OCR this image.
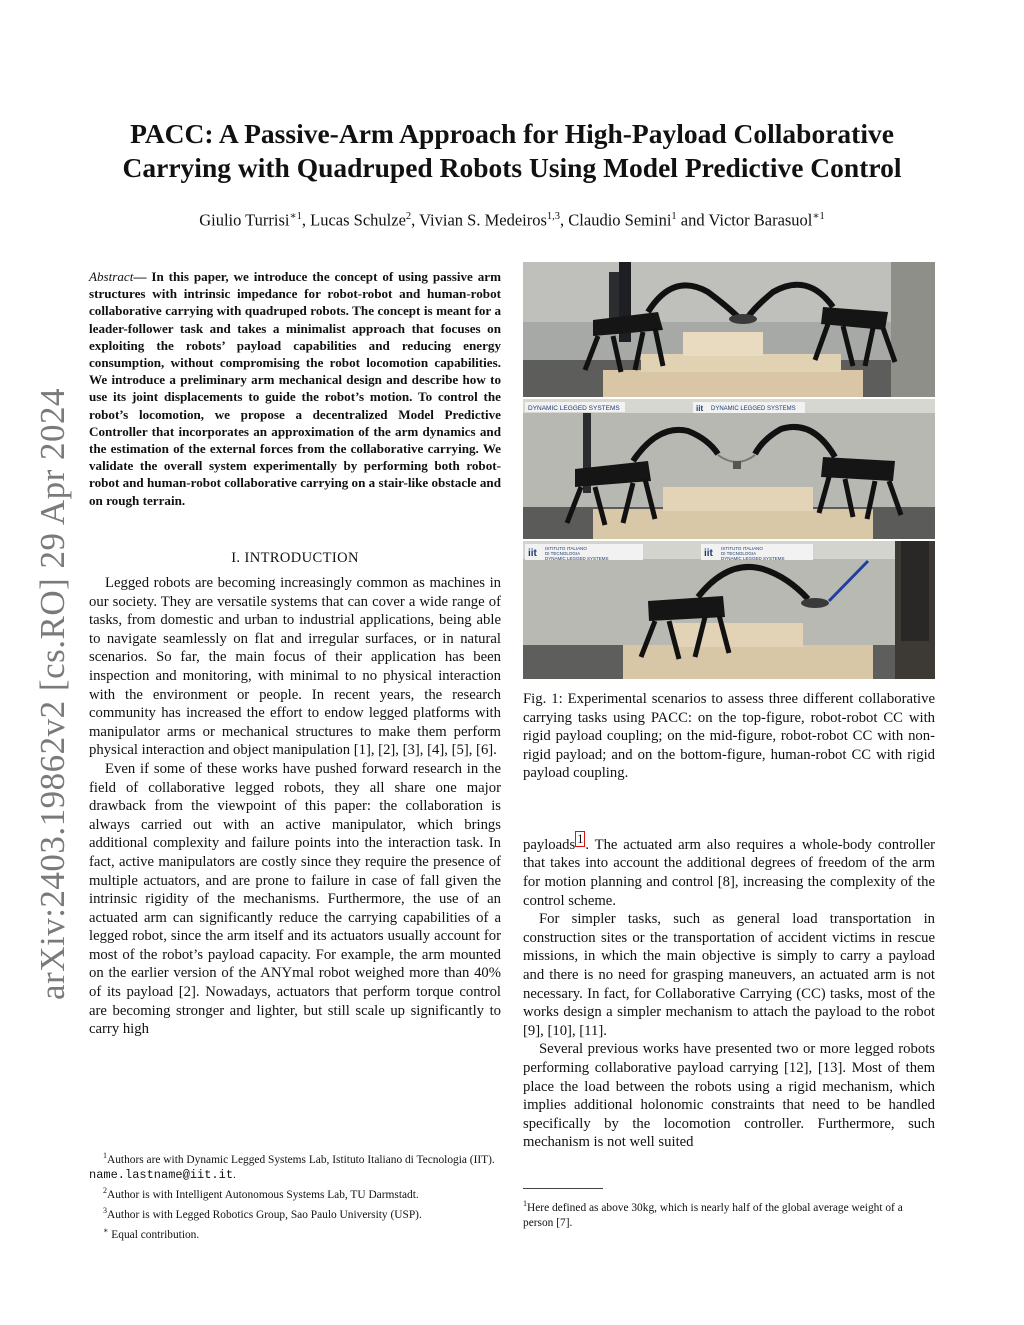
arXiv:2403.19862v2 [cs.RO] 29 Apr 2024
PACC: A Passive-Arm Approach for High-Payload Collaborative
Carrying with Quadruped Robots Using Model Predictive Control
Giulio Turrisi$^{∗1}$, Lucas Schulze$^2$, Vivian S. Medeiros$^{1,3}$, Claudio Semini$^1$ and Victor Barasuol$^{∗1}$
Abstract— In this paper, we introduce the concept of using passive arm structures with intrinsic impedance for robot-robot and human-robot collaborative carrying with quadruped robots. The concept is meant for a leader-follower task and takes a minimalist approach that focuses on exploiting the robots’ payload capabilities and reducing energy consumption, without compromising the robot locomotion capabilities. We introduce a preliminary arm mechanical design and describe how to use its joint displacements to guide the robot’s motion. To control the robot’s locomotion, we propose a decentralized Model Predictive Controller that incorporates an approximation of the arm dynamics and the estimation of the external forces from the collaborative carrying. We validate the overall system experimentally by performing both robot-robot and human-robot collaborative carrying on a stair-like obstacle and on rough terrain.
I. INTRODUCTION

Legged robots are becoming increasingly common as machines in our society. They are versatile systems that can cover a wide range of tasks, from domestic and urban to industrial applications, being able to navigate seamlessly on flat and irregular surfaces, or in natural scenarios. So far, the main focus of their application has been inspection and monitoring, with minimal to no physical interaction with the environment or people. In recent years, the research community has increased the effort to endow legged platforms with manipulator arms or mechanical structures to make them perform physical interaction and object manipulation [1], [2], [3], [4], [5], [6].

Even if some of these works have pushed forward research in the field of collaborative legged robots, they all share one major drawback from the viewpoint of this paper: the collaboration is always carried out with an active manipulator, which brings additional complexity and failure points into the interaction task. In fact, active manipulators are costly since they require the presence of multiple actuators, and are prone to failure in case of fall given the intrinsic rigidity of the mechanisms. Furthermore, the use of an actuated arm can significantly reduce the carrying capabilities of a legged robot, since the arm itself and its actuators usually account for most of the robot’s payload capacity. For example, the arm mounted on the earlier version of the ANYmal robot weighed more than 40% of its payload [2]. Nowadays, actuators that perform torque control are becoming stronger and lighter, but still scale up significantly to carry high

$^1$Authors are with Dynamic Legged Systems Lab, Istituto Italiano di Tecnologia (IIT). name.lastname@iit.it.
$^2$Author is with Intelligent Autonomous Systems Lab, TU Darmstadt.
$^3$Author is with Legged Robotics Group, Sao Paulo University (USP).
∗ Equal contribution.
DYNAMIC LEGGED SYSTEMS	iit DYNAMIC LEGGED SYSTEMS
iit ISTITUTO ITALIANO
DI TECNOLOGIA
DYNAMIC LEGGED SYSTEMS	iit ISTITUTO ITALIANO
DI TECNOLOGIA
DYNAMIC LEGGED SYSTEMS
Fig. 1: Experimental scenarios to assess three different collaborative carrying tasks using PACC: on the top-figure, robot-robot CC with rigid payload coupling; on the mid-figure, robot-robot CC with non-rigid payload; and on the bottom-figure, human-robot CC with rigid payload coupling.

payloads $^1$ . The actuated arm also requires a whole-body controller that takes into account the additional degrees of freedom of the arm for motion planning and control [8], increasing the complexity of the control scheme.

For simpler tasks, such as general load transportation in construction sites or the transportation of accident victims in rescue missions, in which the main objective is simply to carry a payload and there is no need for grasping maneuvers, an actuated arm is not necessary. In fact, for Collaborative Carrying (CC) tasks, most of the works design a simpler mechanism to attach the payload to the robot [9], [10], [11].

Several previous works have presented two or more legged robots performing collaborative payload carrying [12], [13]. Most of them place the load between the robots using a rigid mechanism, which implies additional holonomic constraints that need to be handled specifically by the locomotion controller. Furthermore, such mechanism is not well suited

$^1$Here defined as above 30kg, which is nearly half of the global average weight of a person [7].
